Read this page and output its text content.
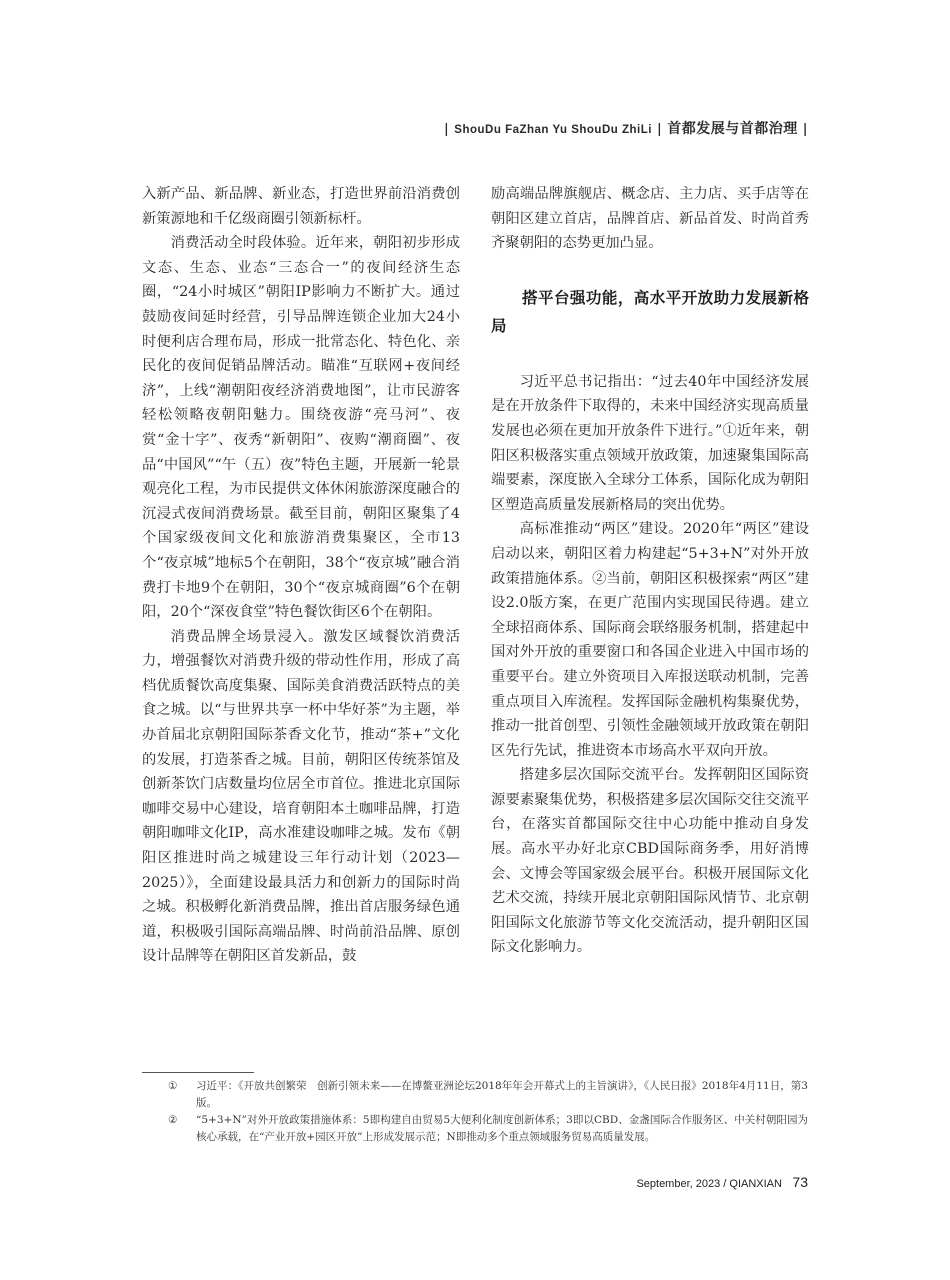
| ShouDu FaZhan Yu ShouDu ZhiLi | 首都发展与首都治理 |

入新产品、新品牌、新业态，打造世界前沿消费创新策源地和千亿级商圈引领新标杆。

消费活动全时段体验。近年来，朝阳初步形成文态、生态、业态“三态合一”的夜间经济生态圈，“24小时城区”朝阳IP影响力不断扩大。通过鼓励夜间延时经营，引导品牌连锁企业加大24小时便利店合理布局，形成一批常态化、特色化、亲民化的夜间促销品牌活动。瞄准“互联网+夜间经济”，上线“潮朝阳夜经济消费地图”，让市民游客轻松领略夜朝阳魅力。围绕夜游“亮马河”、夜赏“金十字”、夜秀“新朝阳”、夜购“潮商圈”、夜品“中国风”“午（五）夜”特色主题，开展新一轮景观亮化工程，为市民提供文体休闲旅游深度融合的沉浸式夜间消费场景。截至目前，朝阳区聚集了4个国家级夜间文化和旅游消费集聚区，全市13个“夜京城”地标5个在朝阳，38个“夜京城”融合消费打卡地9个在朝阳，30个“夜京城商圈”6个在朝阳，20个“深夜食堂”特色餐饮街区6个在朝阳。

消费品牌全场景浸入。激发区域餐饮消费活力，增强餐饮对消费升级的带动性作用，形成了高档优质餐饮高度集聚、国际美食消费活跃特点的美食之城。以“与世界共享一杯中华好茶”为主题，举办首届北京朝阳国际茶香文化节，推动“茶+”文化的发展，打造茶香之城。目前，朝阳区传统茶馆及创新茶饮门店数量均位居全市首位。推进北京国际咖啡交易中心建设，培育朝阳本土咖啡品牌，打造朝阳咖啡文化IP，高水准建设咖啡之城。发布《朝阳区推进时尚之城建设三年行动计划（2023—2025）》，全面建设最具活力和创新力的国际时尚之城。积极孵化新消费品牌，推出首店服务绿色通道，积极吸引国际高端品牌、时尚前沿品牌、原创设计品牌等在朝阳区首发新品，鼓

励高端品牌旗舰店、概念店、主力店、买手店等在朝阳区建立首店，品牌首店、新品首发、时尚首秀齐聚朝阳的态势更加凸显。

搭平台强功能，高水平开放助力发展新格局

习近平总书记指出：“过去40年中国经济发展是在开放条件下取得的，未来中国经济实现高质量发展也必须在更加开放条件下进行。”①近年来，朝阳区积极落实重点领域开放政策，加速聚集国际高端要素，深度嵌入全球分工体系，国际化成为朝阳区塑造高质量发展新格局的突出优势。

高标准推动“两区”建设。2020年“两区”建设启动以来，朝阳区着力构建起“5+3+N”对外开放政策措施体系。②当前，朝阳区积极探索“两区”建设2.0版方案，在更广范围内实现国民待遇。建立全球招商体系、国际商会联络服务机制，搭建起中国对外开放的重要窗口和各国企业进入中国市场的重要平台。建立外资项目入库报送联动机制，完善重点项目入库流程。发挥国际金融机构集聚优势，推动一批首创型、引领性金融领域开放政策在朝阳区先行先试，推进资本市场高水平双向开放。

搭建多层次国际交流平台。发挥朝阳区国际资源要素聚集优势，积极搭建多层次国际交往交流平台，在落实首都国际交往中心功能中推动自身发展。高水平办好北京CBD国际商务季，用好消博会、文博会等国家级会展平台。积极开展国际文化艺术交流，持续开展北京朝阳国际风情节、北京朝阳国际文化旅游节等文化交流活动，提升朝阳区国际文化影响力。

①	习近平：《开放共创繁荣　创新引领未来——在博鳌亚洲论坛2018年年会开幕式上的主旨演讲》，《人民日报》2018年4月11日，第3版。
②	“5+3+N”对外开放政策措施体系：5即构建自由贸易5大便利化制度创新体系；3即以CBD、金盏国际合作服务区、中关村朝阳园为核心承载，在“产业开放+园区开放”上形成发展示范；N即推动多个重点领域服务贸易高质量发展。
September, 2023 / QIANXIAN 73
